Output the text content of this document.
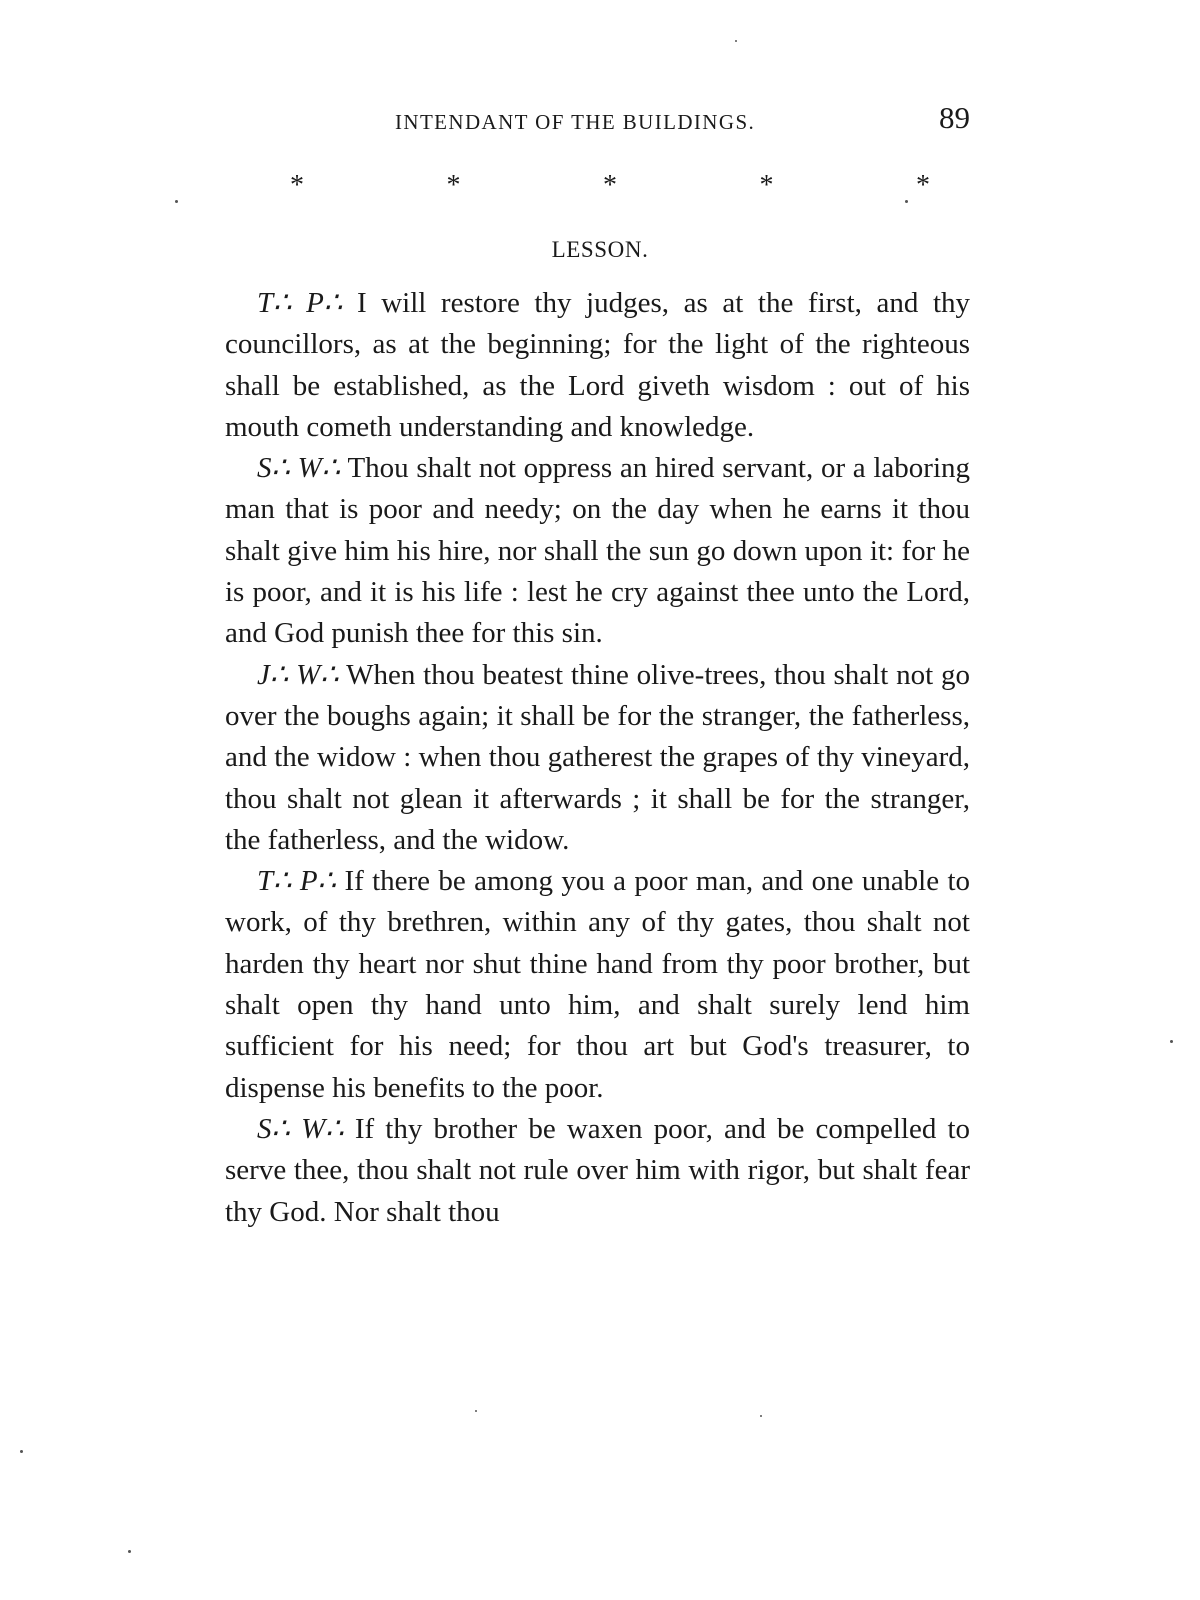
INTENDANT OF THE BUILDINGS.	89
*	*	*	*	*
LESSON.

T∴ P∴ I will restore thy judges, as at the first, and thy councillors, as at the beginning; for the light of the righteous shall be established, as the Lord giveth wisdom : out of his mouth cometh understanding and knowledge.

S∴ W∴ Thou shalt not oppress an hired servant, or a laboring man that is poor and needy; on the day when he earns it thou shalt give him his hire, nor shall the sun go down upon it: for he is poor, and it is his life : lest he cry against thee unto the Lord, and God punish thee for this sin.

J∴ W∴ When thou beatest thine olive-trees, thou shalt not go over the boughs again; it shall be for the stranger, the fatherless, and the widow : when thou gatherest the grapes of thy vineyard, thou shalt not glean it afterwards ; it shall be for the stranger, the fatherless, and the widow.

T∴ P∴ If there be among you a poor man, and one unable to work, of thy brethren, within any of thy gates, thou shalt not harden thy heart nor shut thine hand from thy poor brother, but shalt open thy hand unto him, and shalt surely lend him sufficient for his need; for thou art but God's treasurer, to dispense his benefits to the poor.

S∴ W∴ If thy brother be waxen poor, and be compelled to serve thee, thou shalt not rule over him with rigor, but shalt fear thy God. Nor shalt thou
